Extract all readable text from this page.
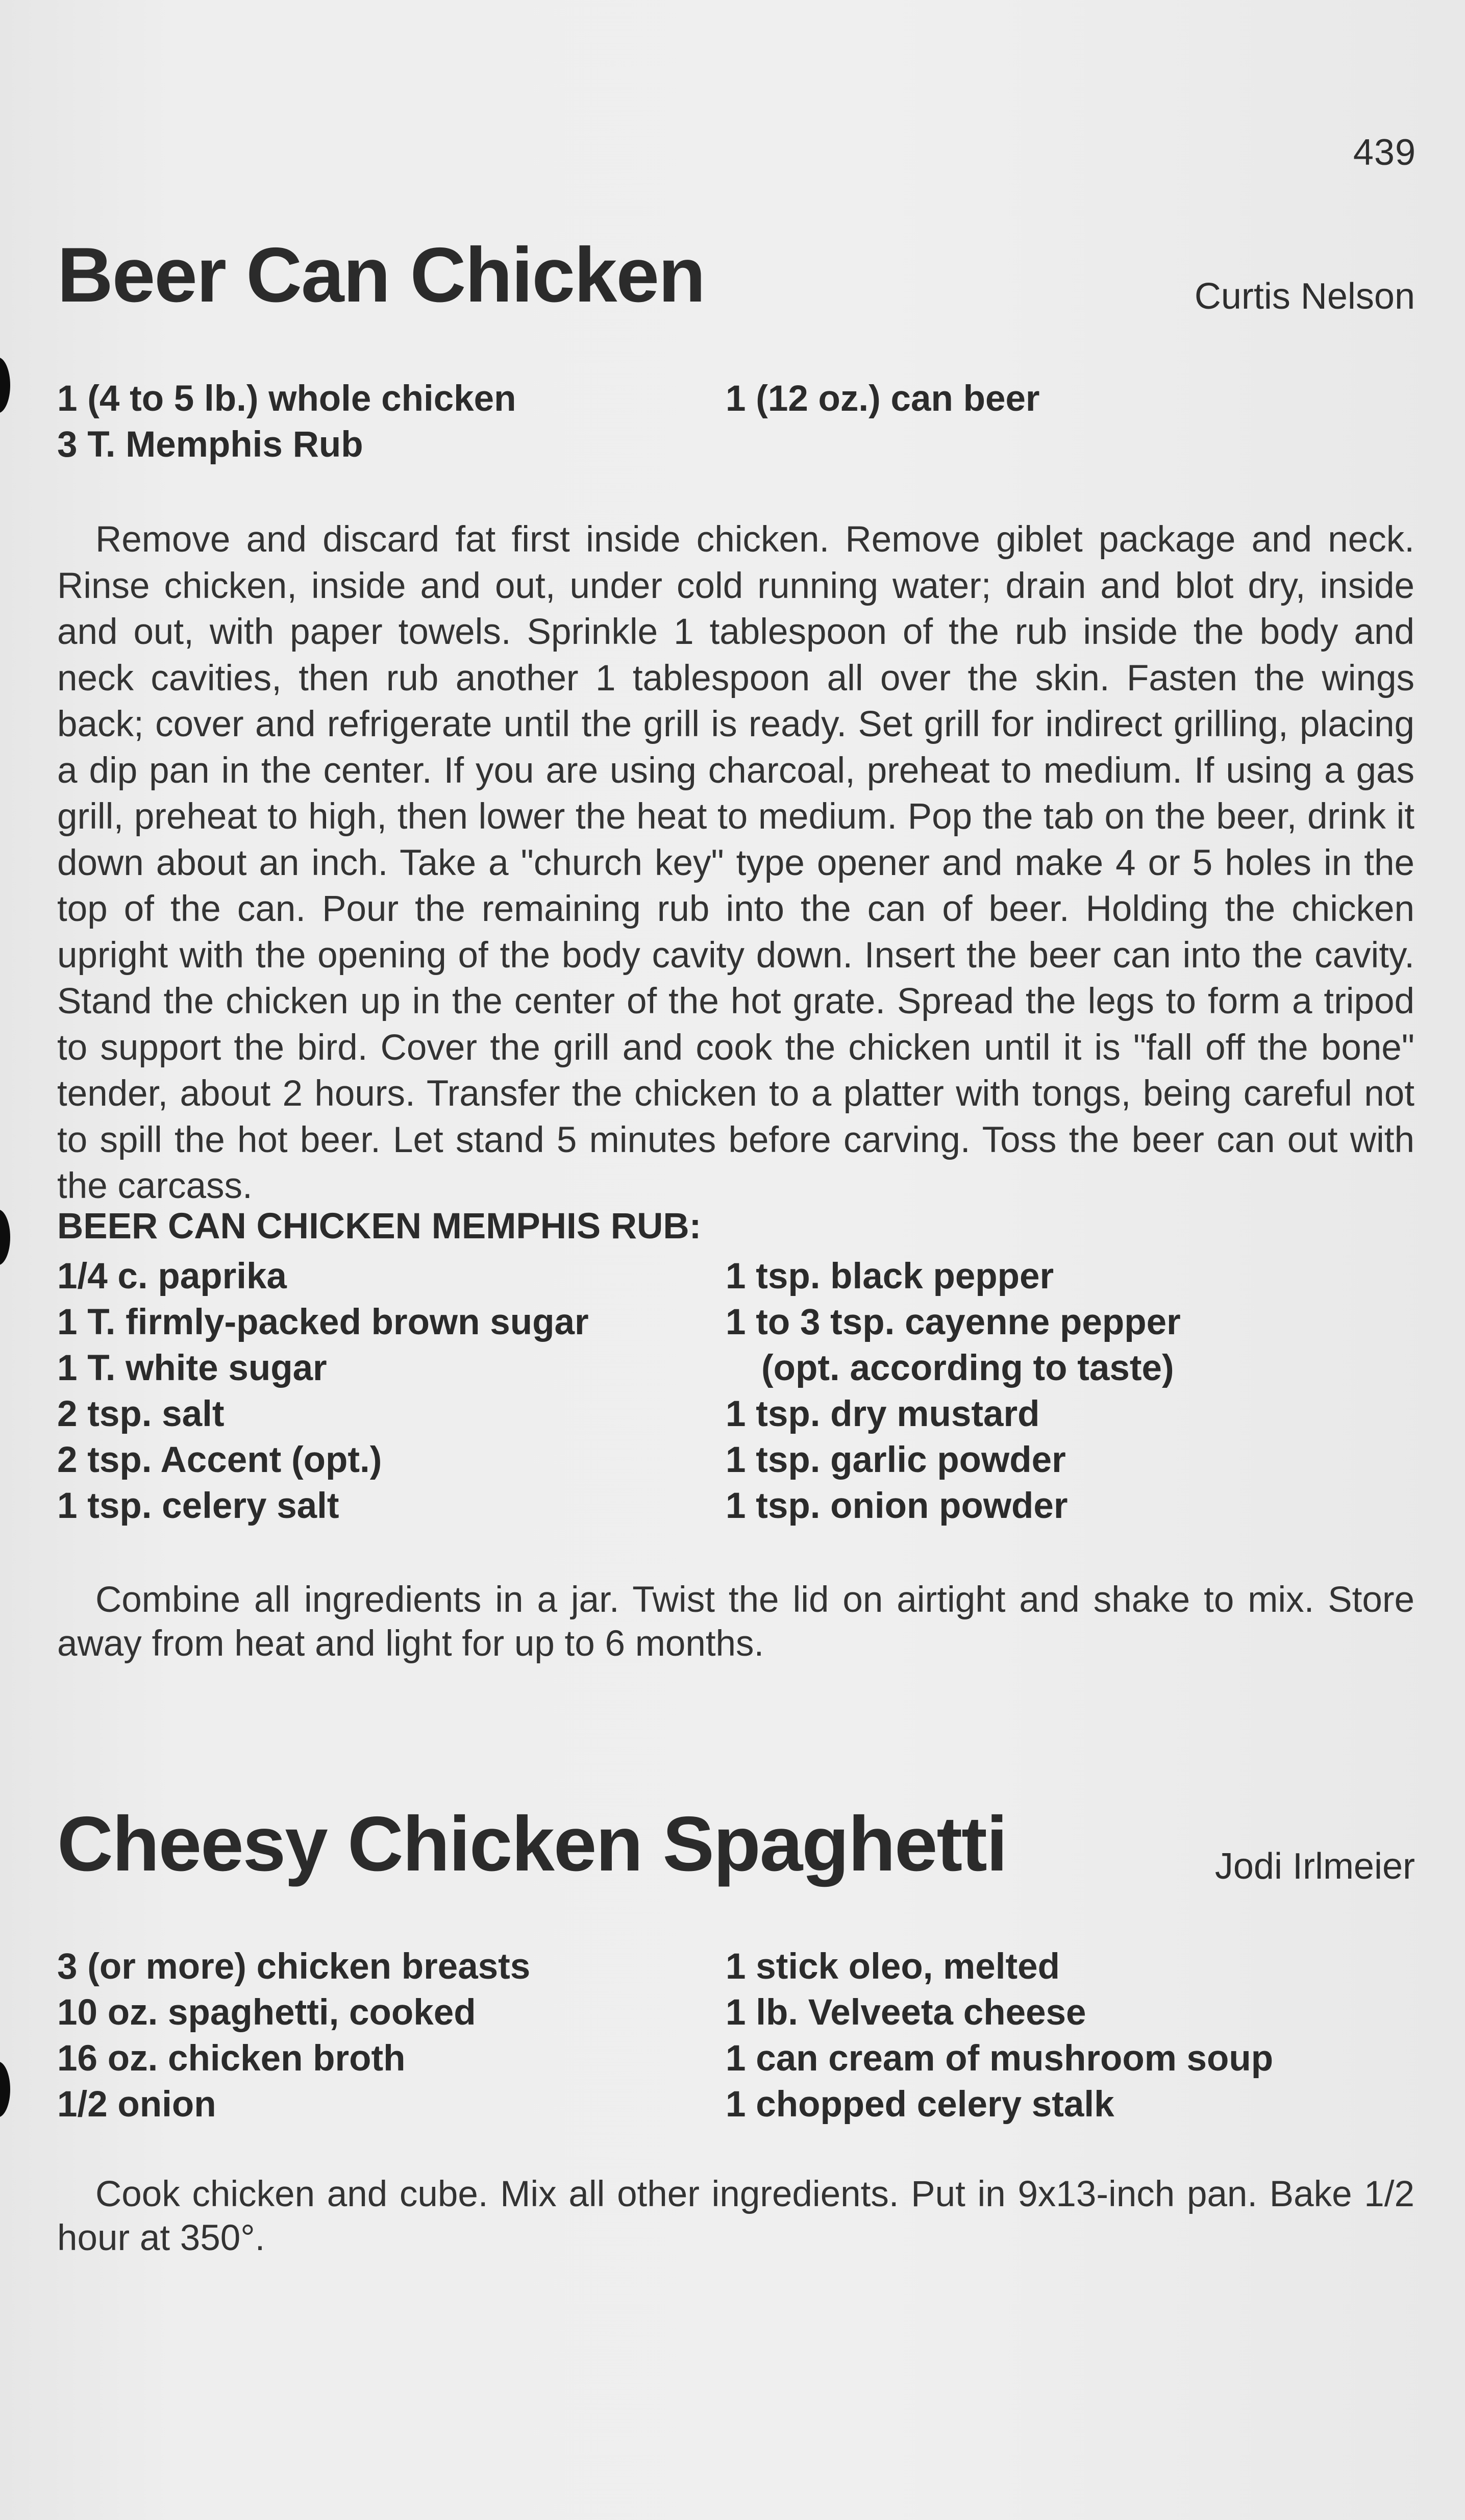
439
Beer Can Chicken	Curtis Nelson
1 (4 to 5 lb.) whole chicken
3 T. Memphis Rub
1 (12 oz.) can beer
Remove and discard fat first inside chicken. Remove giblet package and neck. Rinse chicken, inside and out, under cold running water; drain and blot dry, inside and out, with paper towels. Sprinkle 1 tablespoon of the rub inside the body and neck cavities, then rub another 1 tablespoon all over the skin. Fasten the wings back; cover and refrigerate until the grill is ready. Set grill for indirect grilling, placing a dip pan in the center. If you are using charcoal, preheat to medium. If using a gas grill, preheat to high, then lower the heat to medium. Pop the tab on the beer, drink it down about an inch. Take a "church key" type opener and make 4 or 5 holes in the top of the can. Pour the remaining rub into the can of beer. Holding the chicken upright with the opening of the body cavity down. Insert the beer can into the cavity. Stand the chicken up in the center of the hot grate. Spread the legs to form a tripod to support the bird. Cover the grill and cook the chicken until it is "fall off the bone" tender, about 2 hours. Transfer the chicken to a platter with tongs, being careful not to spill the hot beer. Let stand 5 minutes before carving. Toss the beer can out with the carcass.
BEER CAN CHICKEN MEMPHIS RUB:
1/4 c. paprika
1 T. firmly-packed brown sugar
1 T. white sugar
2 tsp. salt
2 tsp. Accent (opt.)
1 tsp. celery salt
1 tsp. black pepper
1 to 3 tsp. cayenne pepper
(opt. according to taste)
1 tsp. dry mustard
1 tsp. garlic powder
1 tsp. onion powder
Combine all ingredients in a jar. Twist the lid on airtight and shake to mix. Store away from heat and light for up to 6 months.
Cheesy Chicken Spaghetti	Jodi Irlmeier
3 (or more) chicken breasts
10 oz. spaghetti, cooked
16 oz. chicken broth
1/2 onion
1 stick oleo, melted
1 lb. Velveeta cheese
1 can cream of mushroom soup
1 chopped celery stalk
Cook chicken and cube. Mix all other ingredients. Put in 9x13-inch pan. Bake 1/2 hour at 350°.
